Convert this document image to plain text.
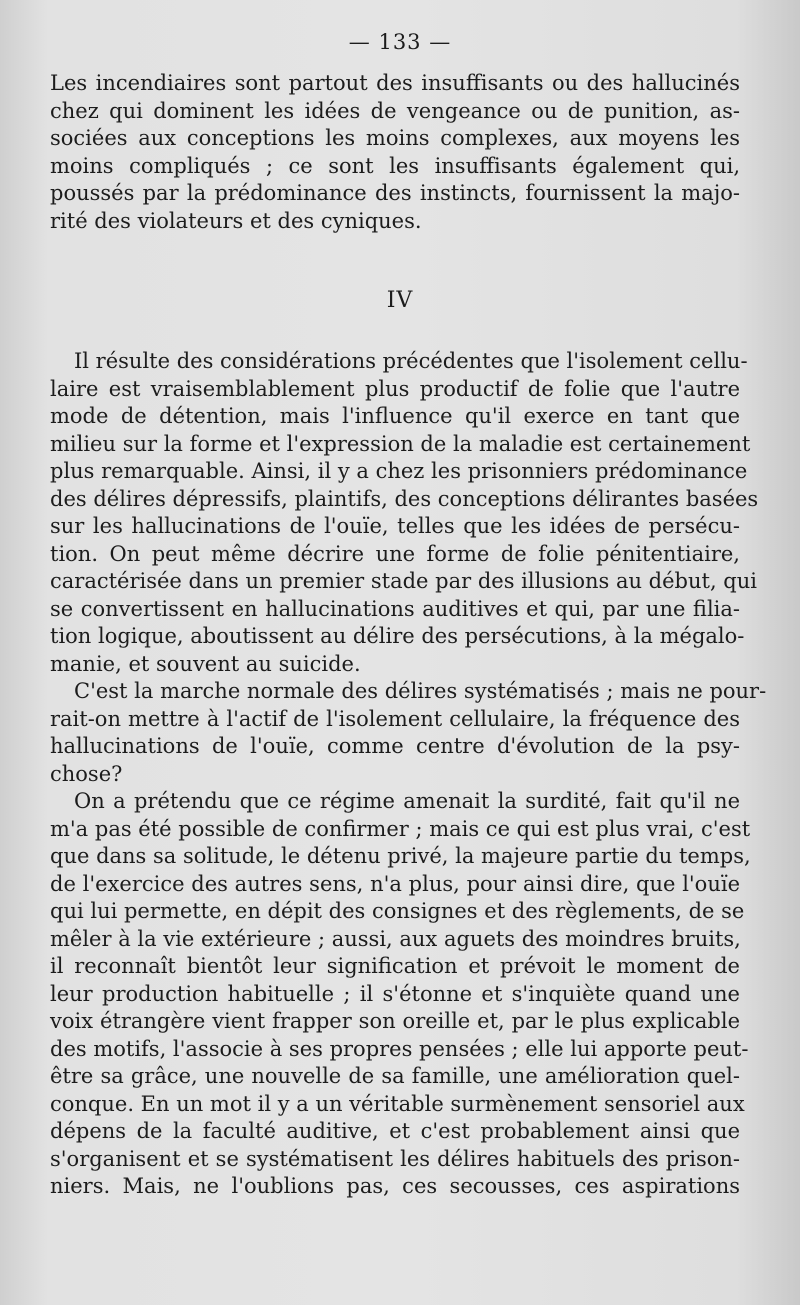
— 133 —
Les incendiaires sont partout des insuffisants ou des hallucinés
chez qui dominent les idées de vengeance ou de punition, as-
sociées aux conceptions les moins complexes, aux moyens les
moins compliqués ; ce sont les insuffisants également qui,
poussés par la prédominance des instincts, fournissent la majo-
rité des violateurs et des cyniques.
IV
Il résulte des considérations précédentes que l'isolement cellu-
laire est vraisemblablement plus productif de folie que l'autre
mode de détention, mais l'influence qu'il exerce en tant que
milieu sur la forme et l'expression de la maladie est certainement
plus remarquable. Ainsi, il y a chez les prisonniers prédominance
des délires dépressifs, plaintifs, des conceptions délirantes basées
sur les hallucinations de l'ouïe, telles que les idées de persécu-
tion. On peut même décrire une forme de folie pénitentiaire,
caractérisée dans un premier stade par des illusions au début, qui
se convertissent en hallucinations auditives et qui, par une filia-
tion logique, aboutissent au délire des persécutions, à la mégalo-
manie, et souvent au suicide.
C'est la marche normale des délires systématisés ; mais ne pour-
rait-on mettre à l'actif de l'isolement cellulaire, la fréquence des
hallucinations de l'ouïe, comme centre d'évolution de la psy-
chose?
On a prétendu que ce régime amenait la surdité, fait qu'il ne
m'a pas été possible de confirmer ; mais ce qui est plus vrai, c'est
que dans sa solitude, le détenu privé, la majeure partie du temps,
de l'exercice des autres sens, n'a plus, pour ainsi dire, que l'ouïe
qui lui permette, en dépit des consignes et des règlements, de se
mêler à la vie extérieure ; aussi, aux aguets des moindres bruits,
il reconnaît bientôt leur signification et prévoit le moment de
leur production habituelle ; il s'étonne et s'inquiète quand une
voix étrangère vient frapper son oreille et, par le plus explicable
des motifs, l'associe à ses propres pensées ; elle lui apporte peut-
être sa grâce, une nouvelle de sa famille, une amélioration quel-
conque. En un mot il y a un véritable surmènement sensoriel aux
dépens de la faculté auditive, et c'est probablement ainsi que
s'organisent et se systématisent les délires habituels des prison-
niers. Mais, ne l'oublions pas, ces secousses, ces aspirations
